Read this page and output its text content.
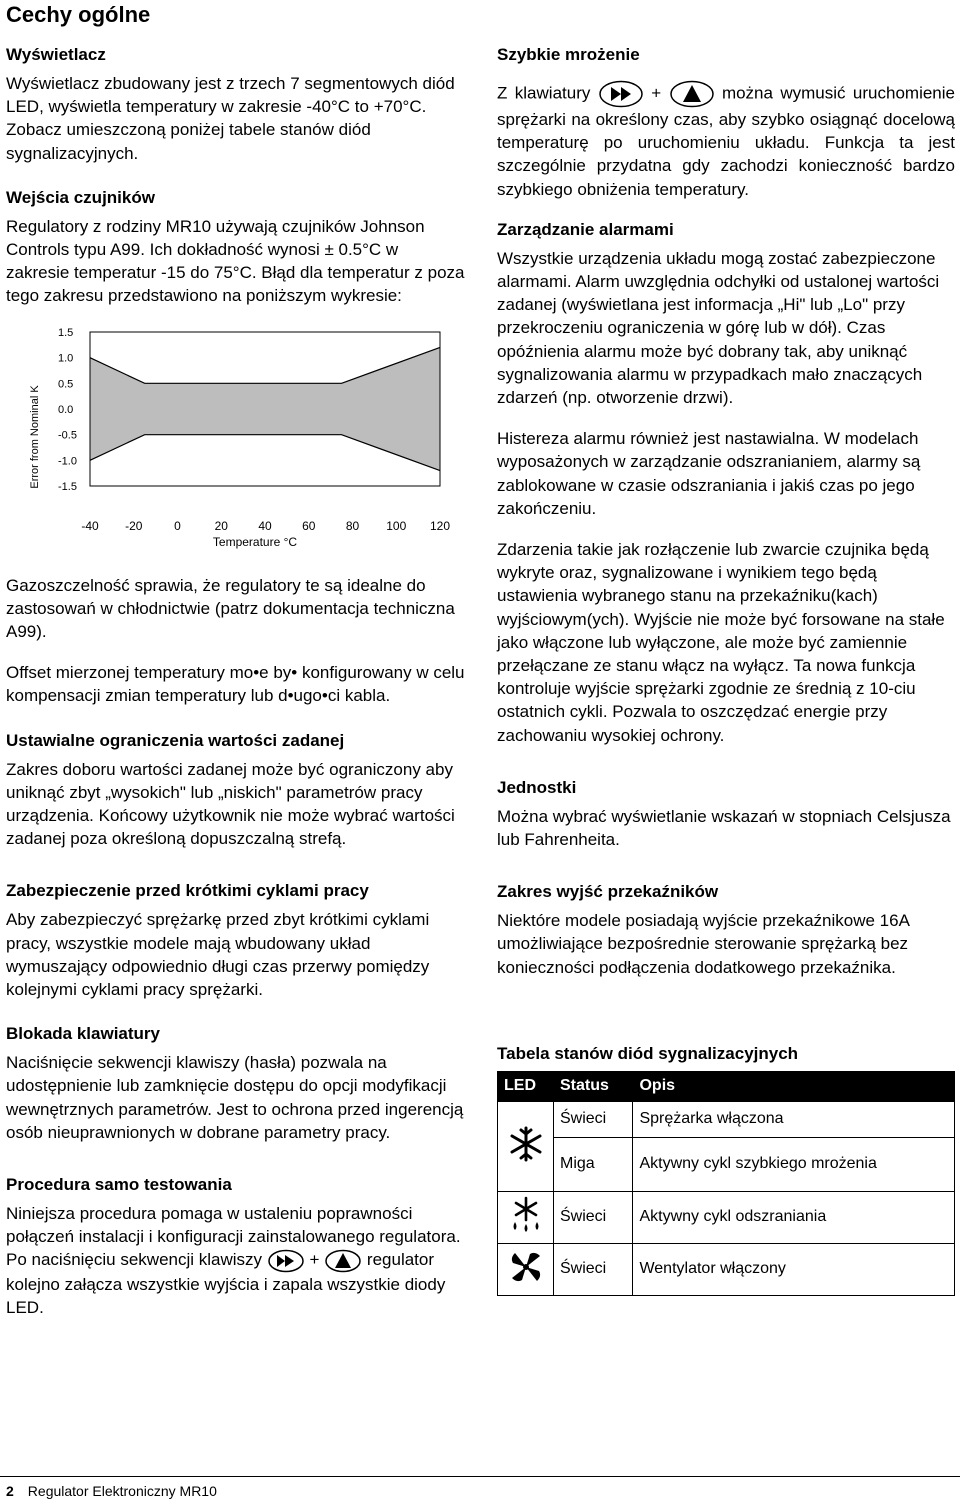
Cechy ogólne
Wyświetlacz

Wyświetlacz zbudowany jest z trzech 7 segmentowych diód LED, wyświetla temperatury w zakresie -40°C to +70°C. Zobacz umieszczoną poniżej tabele stanów diód sygnalizacyjnych.

Wejścia czujników

Regulatory z rodziny MR10 używają czujników Johnson Controls typu A99. Ich dokładność wynosi ± 0.5°C w zakresie temperatur -15 do 75°C. Błąd dla temperatur z poza tego zakresu przedstawiono na poniższym wykresie:

1.5
1.0
0.5
0.0
-0.5
-1.0
-1.5
-40 -20	0	20	40	60	80 100 120
Temperature °C
Error from Nominal K

Gazoszczelność sprawia, że regulatory te są idealne do zastosowań w chłodnictwie (patrz dokumentacja techniczna A99).

Offset mierzonej temperatury mo•e by• konfigurowany w celu kompensacji zmian temperatury lub d•ugo•ci kabla.

Ustawialne ograniczenia wartości zadanej

Zakres doboru wartości zadanej może być ograniczony aby uniknąć zbyt „wysokich" lub „niskich" parametrów pracy urządzenia. Końcowy użytkownik nie może wybrać wartości zadanej poza określoną dopuszczalną strefą.

Zabezpieczenie przed krótkimi cyklami pracy

Aby zabezpieczyć sprężarkę przed zbyt krótkimi cyklami pracy, wszystkie modele mają wbudowany układ wymuszający odpowiednio długi czas przerwy pomiędzy kolejnymi cyklami pracy sprężarki.

Blokada klawiatury

Naciśnięcie sekwencji klawiszy (hasła) pozwala na udostępnienie lub zamknięcie dostępu do opcji modyfikacji wewnętrznych parametrów. Jest to ochrona przed ingerencją osób nieuprawnionych w dobrane parametry pracy.

Procedura samo testowania

Niniejsza procedura pomaga w ustaleniu poprawności połączeń instalacji i konfiguracji zainstalowanego regulatora. Po naciśnięciu sekwencji klawiszy	+	regulator kolejno załącza wszystkie wyjścia i zapala wszystkie diody LED.

Szybkie mrożenie

Z klawiatury	+	można wymusić uruchomienie sprężarki na określony czas, aby szybko osiągnąć docelową temperaturę po uruchomieniu układu. Funkcja ta jest szczególnie przydatna gdy zachodzi konieczność bardzo szybkiego obniżenia temperatury.

Zarządzanie alarmami

Wszystkie urządzenia układu mogą zostać zabezpieczone alarmami. Alarm uwzględnia odchyłki od ustalonej wartości zadanej (wyświetlana jest informacja „Hi" lub „Lo" przy przekroczeniu ograniczenia w górę lub w dół). Czas opóźnienia alarmu może być dobrany tak, aby uniknąć sygnalizowania alarmu w przypadkach mało znaczących zdarzeń (np. otworzenie drzwi).

Histereza alarmu również jest nastawialna. W modelach wyposażonych w zarządzanie odszranianiem, alarmy są zablokowane w czasie odszraniania i jakiś czas po jego zakończeniu.

Zdarzenia takie jak rozłączenie lub zwarcie czujnika będą wykryte oraz, sygnalizowane i wynikiem tego będą ustawienia wybranego stanu na przekaźniku(kach) wyjściowym(ych). Wyjście nie może być forsowane na stałe jako włączone lub wyłączone, ale może być zamiennie przełączane ze stanu włącz na wyłącz. Ta nowa funkcja kontroluje wyjście sprężarki zgodnie ze średnią z 10-ciu ostatnich cykli. Pozwala to oszczędzać energie przy zachowaniu wysokiej ochrony.

Jednostki

Można wybrać wyświetlanie wskazań w stopniach Celsjusza lub Fahrenheita.

Zakres wyjść przekaźników

Niektóre modele posiadają wyjście przekaźnikowe 16A umożliwiające bezpośrednie sterowanie sprężarką bez konieczności podłączenia dodatkowego przekaźnika.

Tabela stanów diód sygnalizacyjnych
LED	Status	Opis
	Świeci	Sprężarka włączona
	Miga	Aktywny cykl szybkiego mrożenia
	Świeci	Aktywny cykl odszraniania
	Świeci	Wentylator włączony
2 Regulator Elektroniczny MR10
